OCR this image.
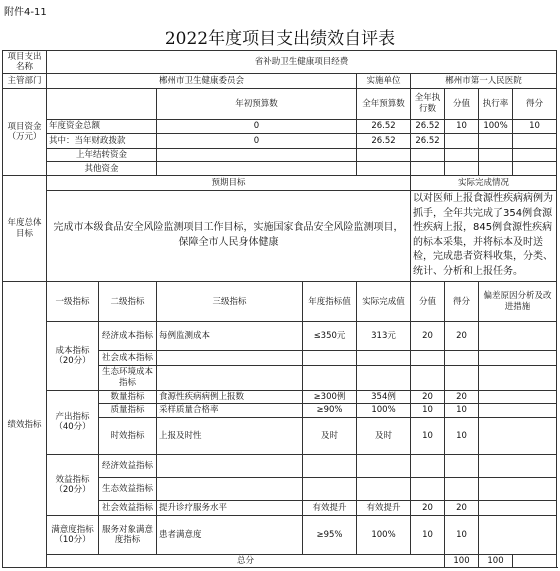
附件4-11
2022年度项目支出绩效自评表
项目支出名称	省补助卫生健康项目经费								
主管部门	郴州市卫生健康委员会				实施单位	郴州市第一人民医院			
项目资金（万元）			年初预算数		全年预算数	全年执行数	分值	执行率	得分
	年度资金总额		0		26.52	26.52	10	100%	10
	其中：当年财政拨款		0		26.52	26.52			
	上年结转资金								
	其他资金								
年度总体目标	预期目标					实际完成情况			
	完成市本级食品安全风险监测项目工作目标，实施国家食品安全风险监测项目，保障全市人民身体健康					以对医师上报食源性疾病病例为抓手，全年共完成了354例食源性疾病上报，845例食源性疾病的标本采集，并将标本及时送检，完成患者资料收集，分类、统计、分析和上报任务。			
绩效指标	一级指标	二级指标	三级指标	年度指标值	实际完成值	分值	得分	偏差原因分析及改进措施	
	成本指标（20分）	经济成本指标	每例监测成本	≤350元	313元	20	20		
		社会成本指标							
		生态环境成本指标							
	产出指标（40分）	数量指标	食源性疾病病例上报数	≥300例	354例	20	20		
		质量指标	采样质量合格率	≥90%	100%	10	10		
		时效指标	上报及时性	及时	及时	10	10		
	效益指标（20分）	经济效益指标							
		生态效益指标							
		社会效益指标	提升诊疗服务水平	有效提升	有效提升	20	20		
	满意度指标（10分）	服务对象满意度指标	患者满意度	≥95%	100%	10	10		
	总分						100	100	
